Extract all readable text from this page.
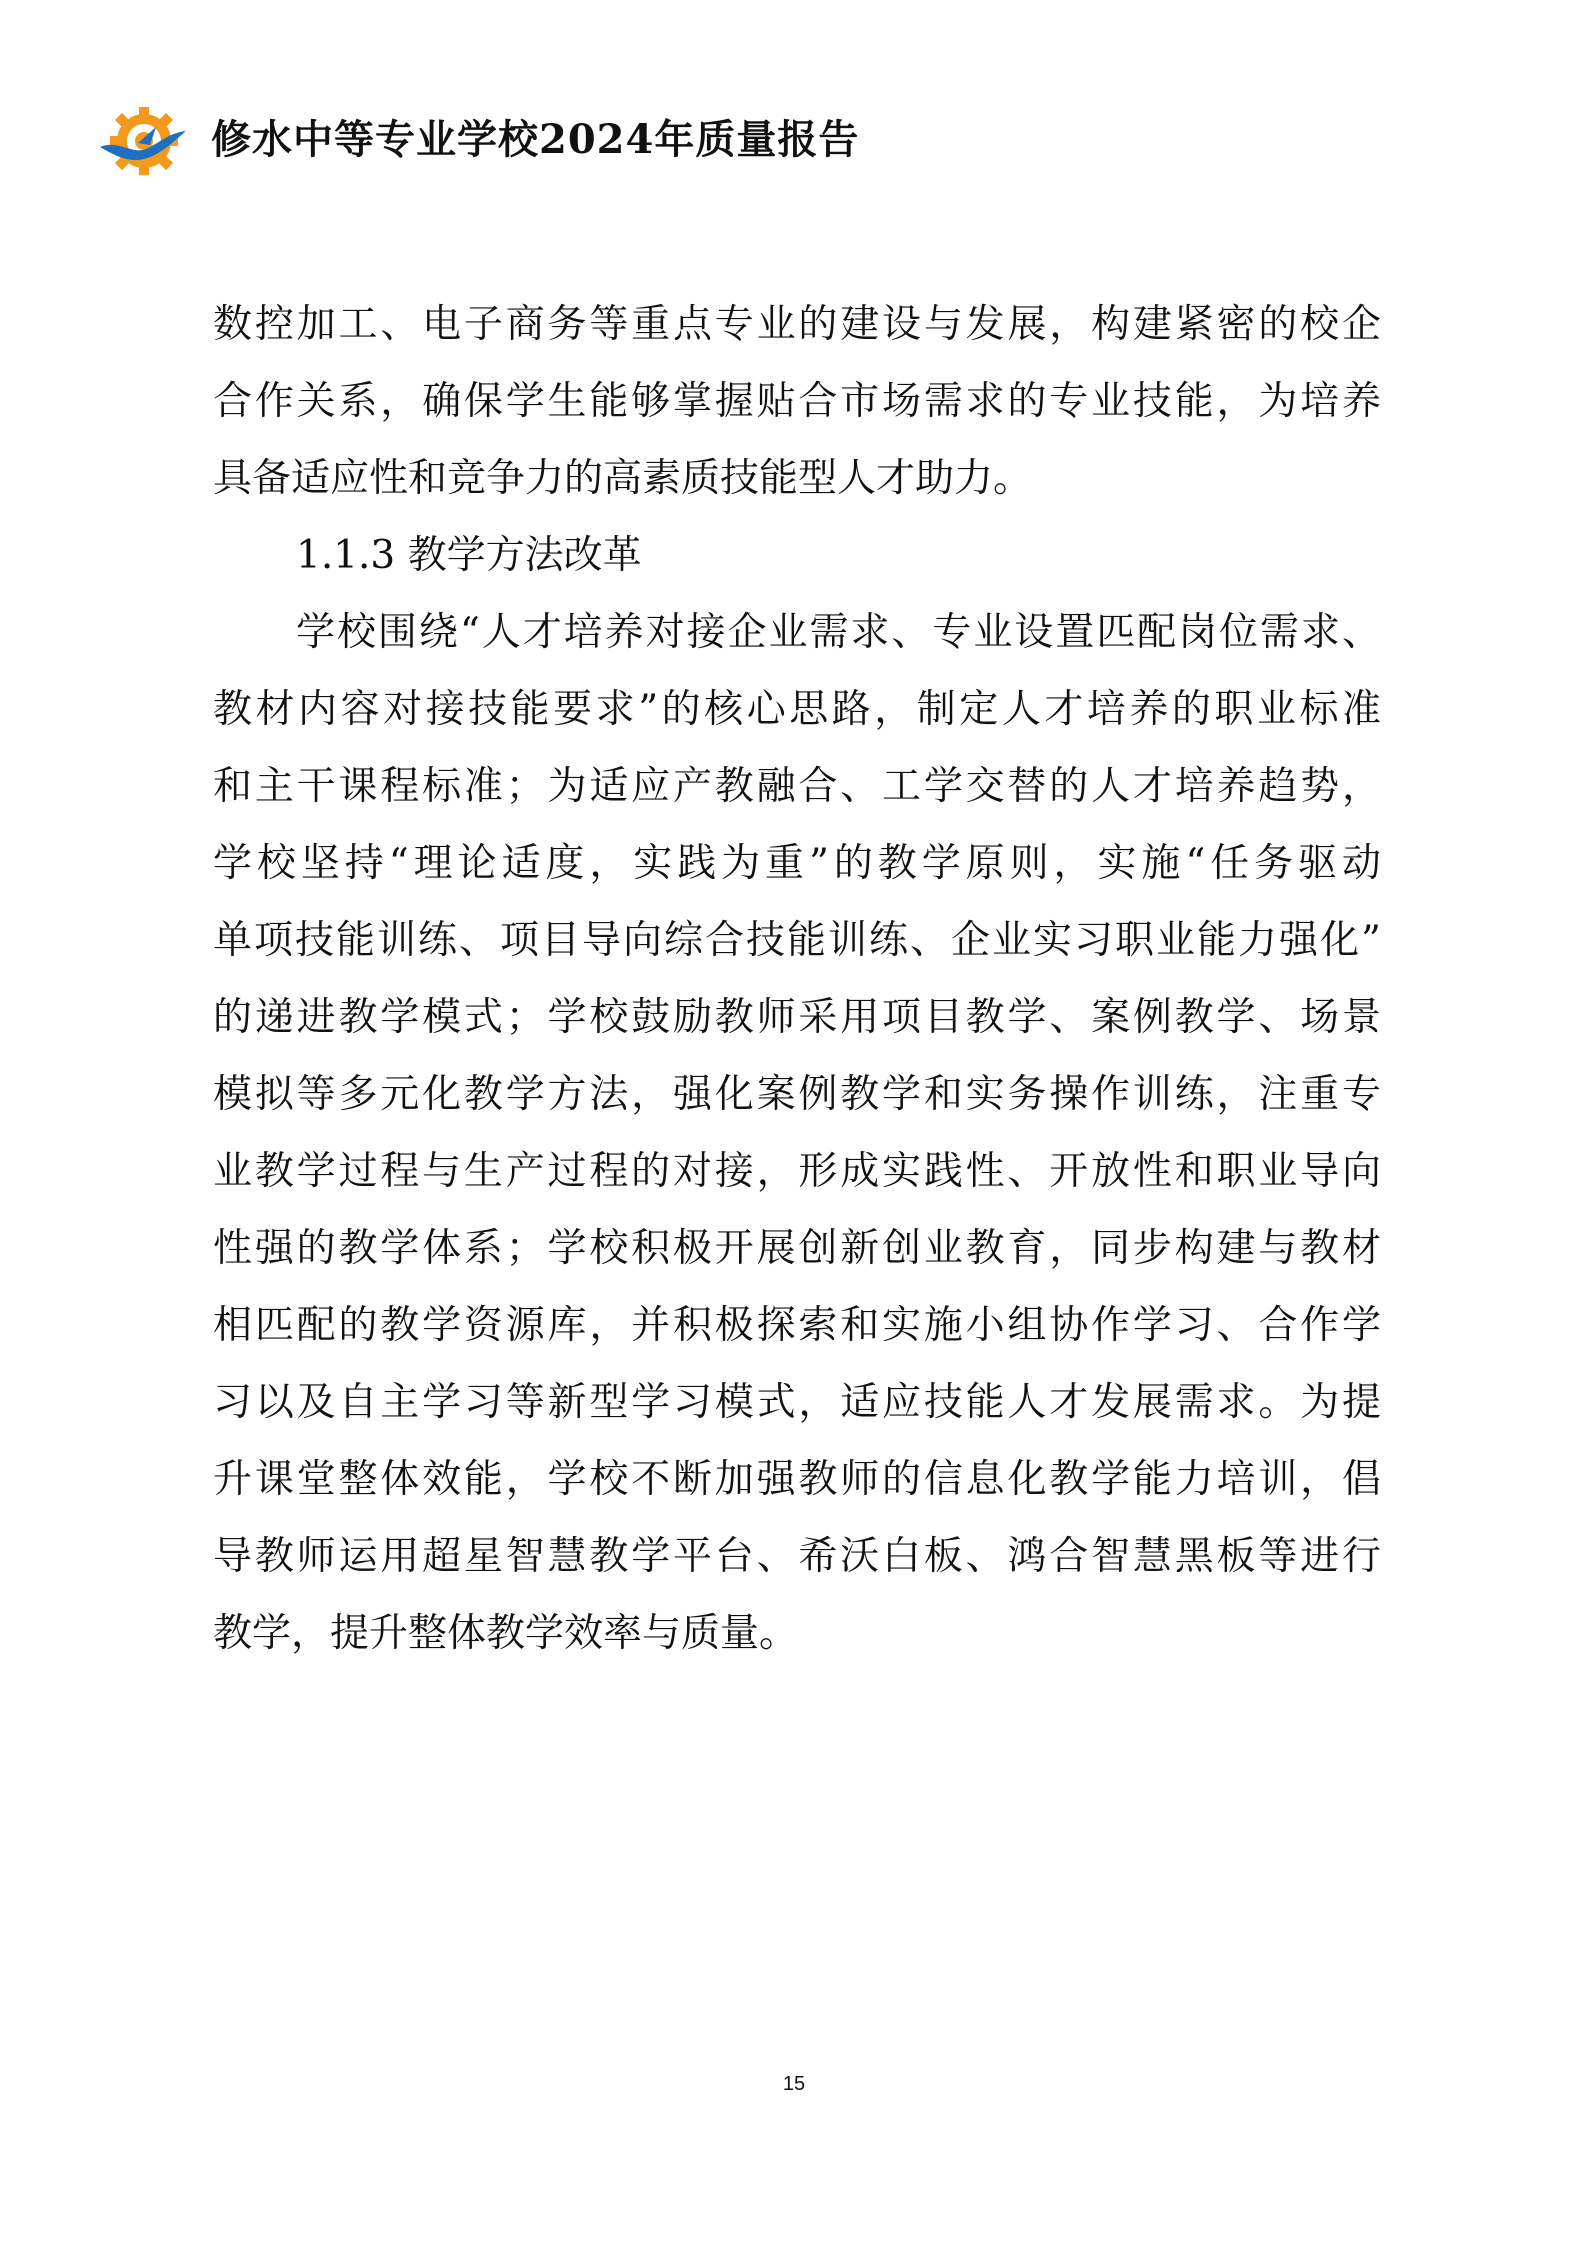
修水中等专业学校2024年质量报告
数控加工、电子商务等重点专业的建设与发展，构建紧密的校企
合作关系，确保学生能够掌握贴合市场需求的专业技能，为培养
具备适应性和竞争力的高素质技能型人才助力。
1.1.3 教学方法改革
学校围绕“人才培养对接企业需求、专业设置匹配岗位需求、
教材内容对接技能要求”的核心思路，制定人才培养的职业标准
和主干课程标准；为适应产教融合、工学交替的人才培养趋势，
学校坚持“理论适度，实践为重”的教学原则，实施“任务驱动
单项技能训练、项目导向综合技能训练、企业实习职业能力强化”
的递进教学模式；学校鼓励教师采用项目教学、案例教学、场景
模拟等多元化教学方法，强化案例教学和实务操作训练，注重专
业教学过程与生产过程的对接，形成实践性、开放性和职业导向
性强的教学体系；学校积极开展创新创业教育，同步构建与教材
相匹配的教学资源库，并积极探索和实施小组协作学习、合作学
习以及自主学习等新型学习模式，适应技能人才发展需求。为提
升课堂整体效能，学校不断加强教师的信息化教学能力培训，倡
导教师运用超星智慧教学平台、希沃白板、鸿合智慧黑板等进行
教学，提升整体教学效率与质量。
15
